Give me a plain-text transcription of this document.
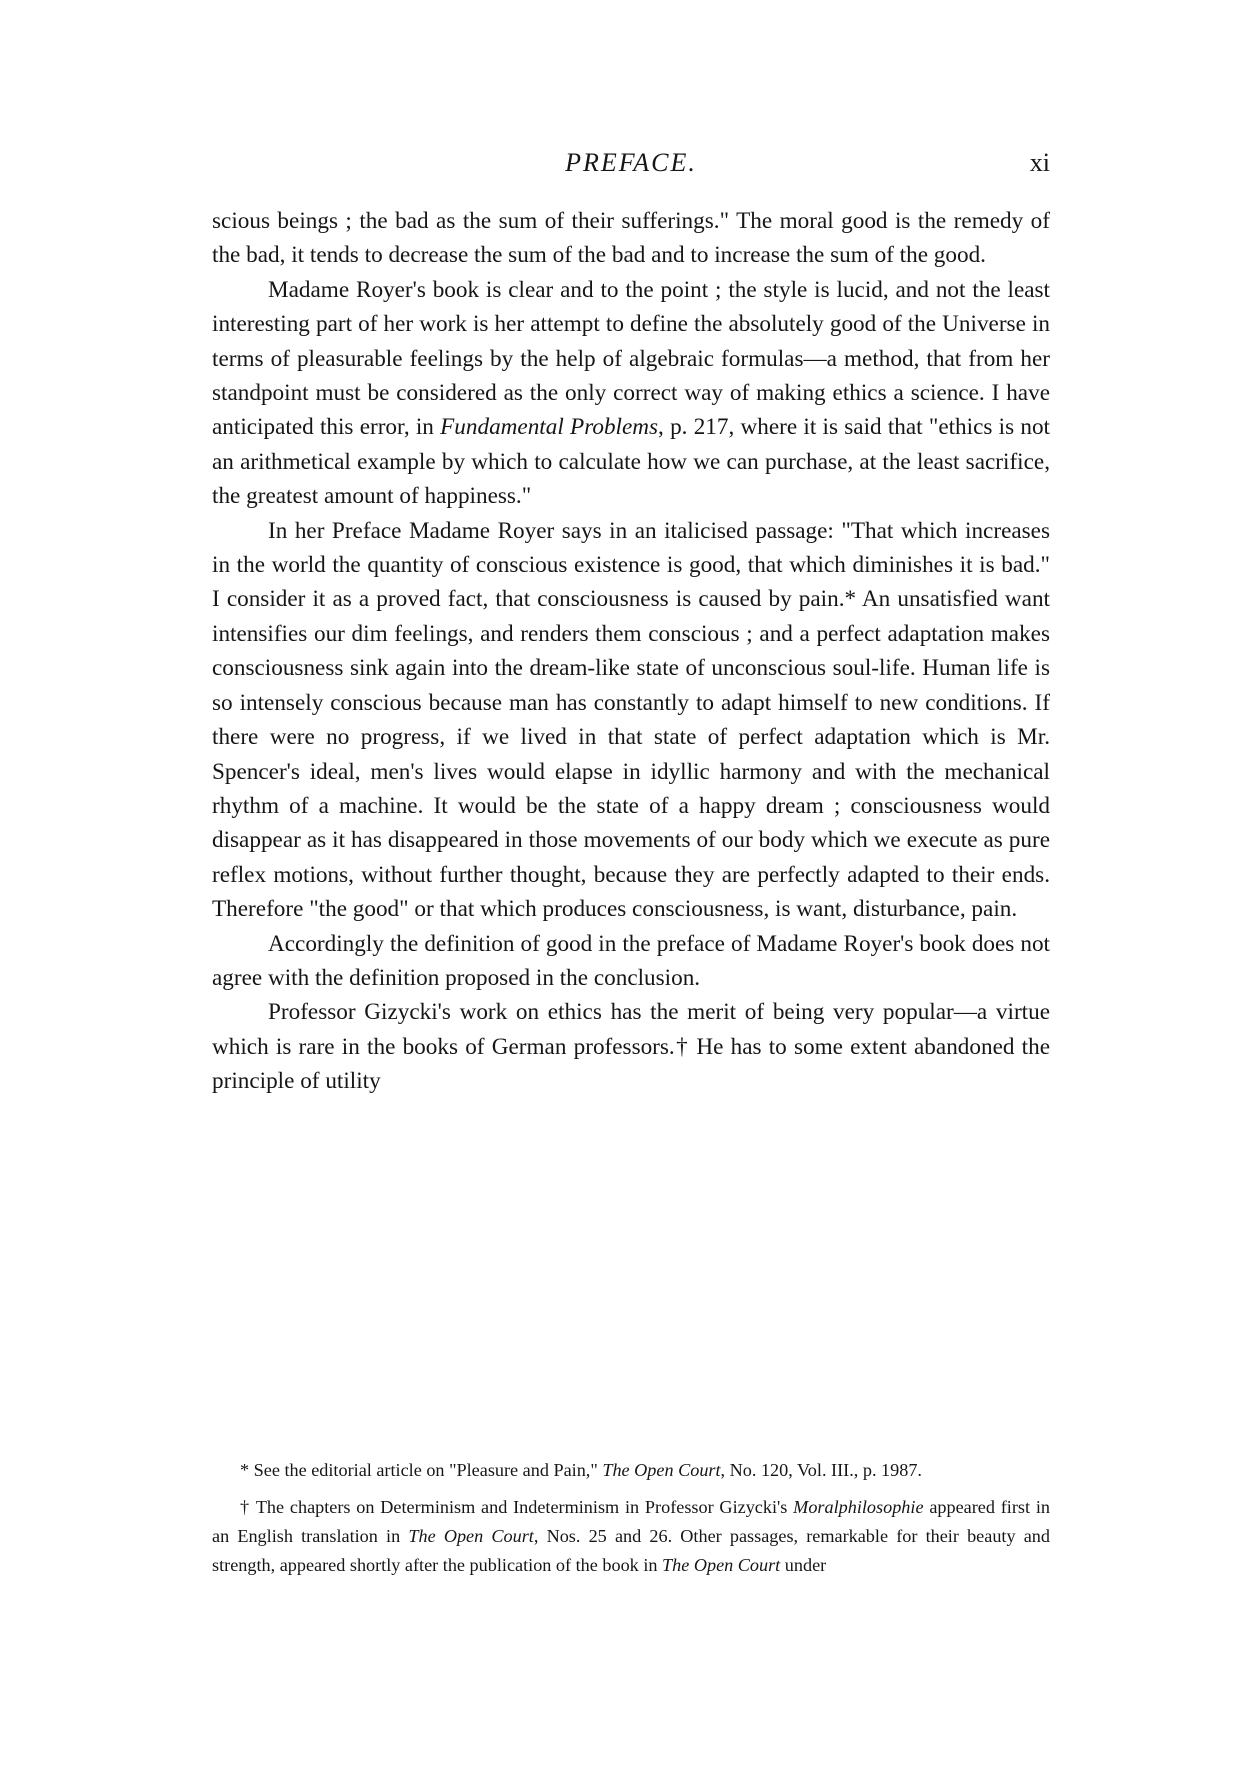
PREFACE.	xi

scious beings ; the bad as the sum of their sufferings." The moral good is the remedy of the bad, it tends to decrease the sum of the bad and to increase the sum of the good.

Madame Royer's book is clear and to the point ; the style is lucid, and not the least interesting part of her work is her attempt to define the absolutely good of the Universe in terms of pleasurable feelings by the help of algebraic formulas—a method, that from her standpoint must be considered as the only correct way of making ethics a science. I have anticipated this error, in Fundamental Problems, p. 217, where it is said that "ethics is not an arithmetical example by which to calculate how we can purchase, at the least sacrifice, the greatest amount of happiness."

In her Preface Madame Royer says in an italicised passage: "That which increases in the world the quantity of conscious existence is good, that which diminishes it is bad." I consider it as a proved fact, that consciousness is caused by pain.* An unsatisfied want intensifies our dim feelings, and renders them conscious ; and a perfect adaptation makes consciousness sink again into the dream-like state of unconscious soul-life. Human life is so intensely conscious because man has constantly to adapt himself to new conditions. If there were no progress, if we lived in that state of perfect adaptation which is Mr. Spencer's ideal, men's lives would elapse in idyllic harmony and with the mechanical rhythm of a machine. It would be the state of a happy dream ; consciousness would disappear as it has disappeared in those movements of our body which we execute as pure reflex motions, without further thought, because they are perfectly adapted to their ends. Therefore "the good" or that which produces consciousness, is want, disturbance, pain.

Accordingly the definition of good in the preface of Madame Royer's book does not agree with the definition proposed in the conclusion.

Professor Gizycki's work on ethics has the merit of being very popular—a virtue which is rare in the books of German professors.† He has to some extent abandoned the principle of utility

* See the editorial article on "Pleasure and Pain," The Open Court, No. 120, Vol. III., p. 1987.

† The chapters on Determinism and Indeterminism in Professor Gizycki's Moralphilosophie appeared first in an English translation in The Open Court, Nos. 25 and 26. Other passages, remarkable for their beauty and strength, appeared shortly after the publication of the book in The Open Court under
